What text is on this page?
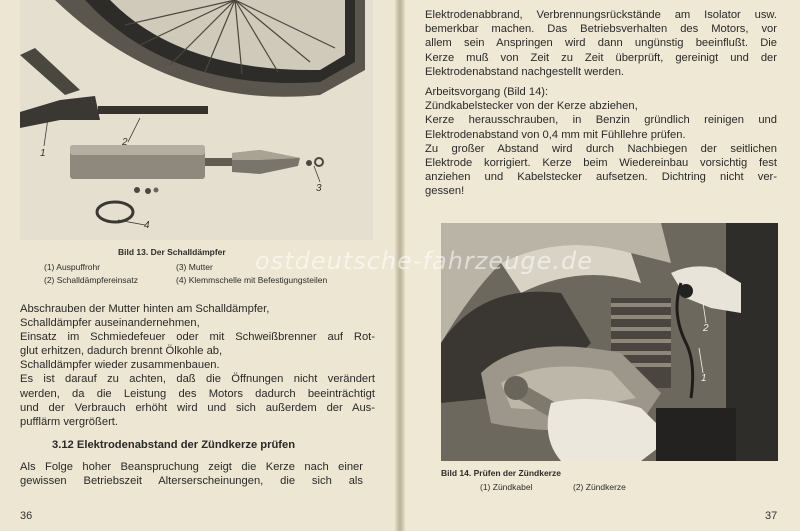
1
2
3
4
Bild 13. Der Schalldämpfer
(1) Auspuffrohr	(3) Mutter
(2) Schalldämpfereinsatz	(4) Klemmschelle mit Befestigungsteilen

Abschrauben der Mutter hinten am Schalldämpfer,

Schalldämpfer auseinandernehmen,

Einsatz im Schmiedefeuer oder mit Schweißbrenner auf Rot-

glut erhitzen, dadurch brennt Ölkohle ab,

Schalldämpfer wieder zusammenbauen.

Es ist darauf zu achten, daß die Öffnungen nicht verändert

werden, da die Leistung des Motors dadurch beeinträchtigt

und der Verbrauch erhöht wird und sich außerdem der Aus-

pufflärm vergrößert.

3.12 Elektrodenabstand der Zündkerze prüfen

Als Folge hoher Beanspruchung zeigt die Kerze nach einer

gewissen Betriebszeit Alterserscheinungen, die sich als

36

Elektrodenabbrand, Verbrennungsrückstände am Isolator usw.

bemerkbar machen. Das Betriebsverhalten des Motors, vor

allem sein Anspringen wird dann ungünstig beeinflußt. Die

Kerze muß von Zeit zu Zeit überprüft, gereinigt und der

Elektrodenabstand nachgestellt werden.

Arbeitsvorgang (Bild 14):

Zündkabelstecker von der Kerze abziehen,

Kerze herausschrauben, in Benzin gründlich reinigen und

Elektrodenabstand von 0,4 mm mit Fühllehre prüfen.

Zu großer Abstand wird durch Nachbiegen der seitlichen

Elektrode korrigiert. Kerze beim Wiedereinbau vorsichtig fest

anziehen und Kabelstecker aufsetzen. Dichtring nicht ver-

gessen!

2
1
ostdeutsche-fahrzeuge.de
Bild 14. Prüfen der Zündkerze
(1) Zündkabel	(2) Zündkerze
37
